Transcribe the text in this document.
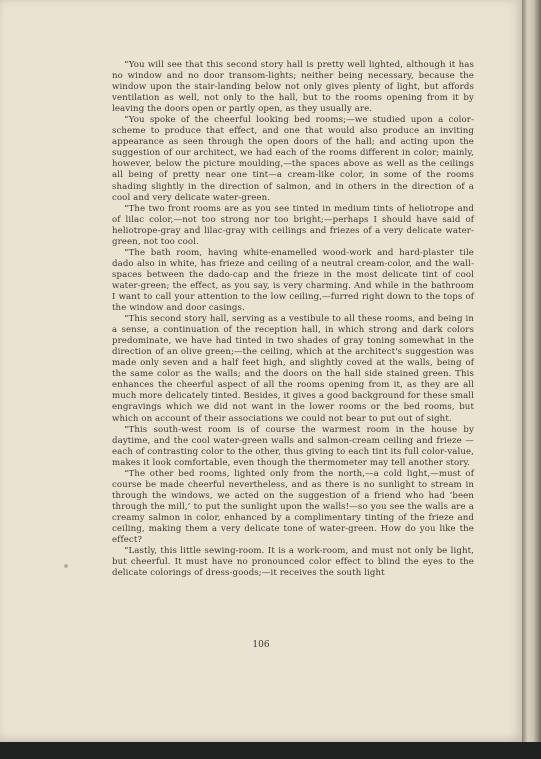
“You will see that this second story hall is pretty well lighted, although it has no window and no door transom-lights; neither being necessary, because the window upon the stair-landing below not only gives plenty of light, but affords ventilation as well, not only to the hall, but to the rooms opening from it by leaving the doors open or partly open, as they usually are.

“You spoke of the cheerful looking bed rooms;—we studied upon a color-scheme to produce that effect, and one that would also produce an inviting appearance as seen through the open doors of the hall; and acting upon the suggestion of our architect, we had each of the rooms different in color; mainly, however, below the picture moulding,—the spaces above as well as the ceilings all being of pretty near one tint—a cream-like color, in some of the rooms shading slightly in the direction of salmon, and in others in the direction of a cool and very delicate water-green.

“The two front rooms are as you see tinted in medium tints of heliotrope and of lilac color,—not too strong nor too bright;—perhaps I should have said of heliotrope-gray and lilac-gray with ceilings and friezes of a very delicate water-green, not too cool.

“The bath room, having white-enamelled wood-work and hard-plaster tile dado also in white, has frieze and ceiling of a neutral cream-color, and the wall-spaces between the dado-cap and the frieze in the most delicate tint of cool water-green; the effect, as you say, is very charming. And while in the bathroom I want to call your attention to the low ceiling,—furred right down to the tops of the window and door casings.

“This second story hall, serving as a vestibule to all these rooms, and being in a sense, a continuation of the reception hall, in which strong and dark colors predominate, we have had tinted in two shades of gray toning somewhat in the direction of an olive green;—the ceiling, which at the architect's suggestion was made only seven and a half feet high, and slightly coved at the walls, being of the same color as the walls; and the doors on the hall side stained green. This enhances the cheerful aspect of all the rooms opening from it, as they are all much more delicately tinted. Besides, it gives a good background for these small engravings which we did not want in the lower rooms or the bed rooms, but which on account of their associations we could not bear to put out of sight.

“This south-west room is of course the warmest room in the house by daytime, and the cool water-green walls and salmon-cream ceiling and frieze —each of contrasting color to the other, thus giving to each tint its full color-value, makes it look comfortable, even though the thermometer may tell another story.

“The other bed rooms, lighted only from the north,—a cold light,—must of course be made cheerful nevertheless, and as there is no sunlight to stream in through the windows, we acted on the suggestion of a friend who had ‘been through the mill,’ to put the sunlight upon the walls!—so you see the walls are a creamy salmon in color, enhanced by a complimentary tinting of the frieze and ceiling, making them a very delicate tone of water-green. How do you like the effect?

“Lastly, this little sewing-room. It is a work-room, and must not only be light, but cheerful. It must have no pronounced color effect to blind the eyes to the delicate colorings of dress-goods;—it receives the south light

106
